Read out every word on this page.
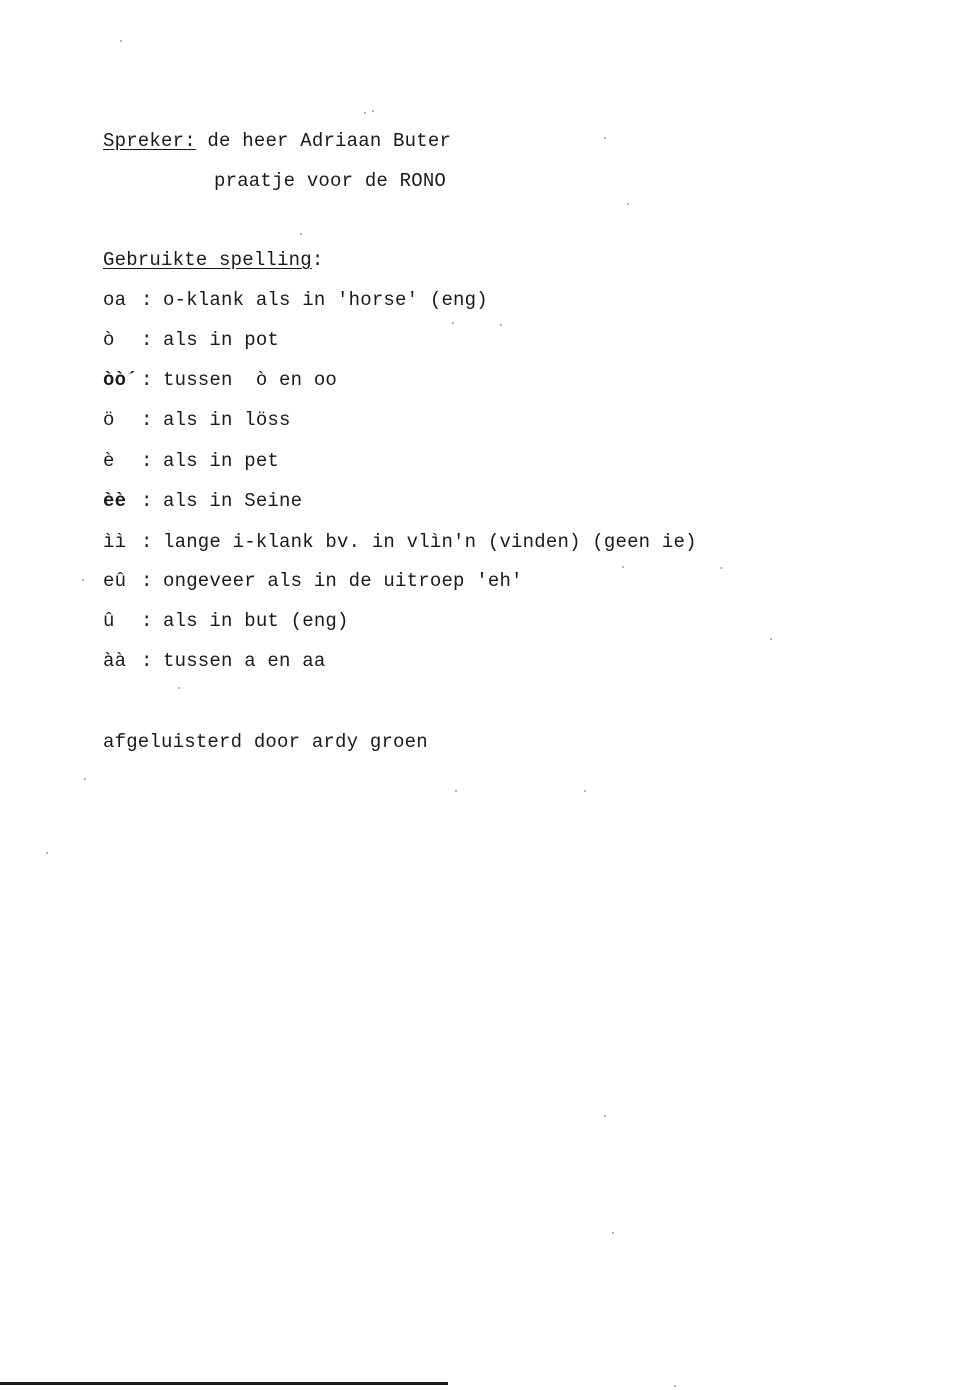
Spreker: de heer Adriaan Buter
praatje voor de RONO
Gebruikte spelling:
oa : o-klank als in 'horse' (eng)
ò : als in pot
òò´ : tussen  ò en oo
ö : als in löss
è : als in pet
èè : als in Seine
ìì : lange i-klank bv. in vlìn'n (vinden) (geen ie)
eû : ongeveer als in de uitroep 'eh'
û : als in but (eng)
àà : tussen a en aa
afgeluisterd door ardy groen
